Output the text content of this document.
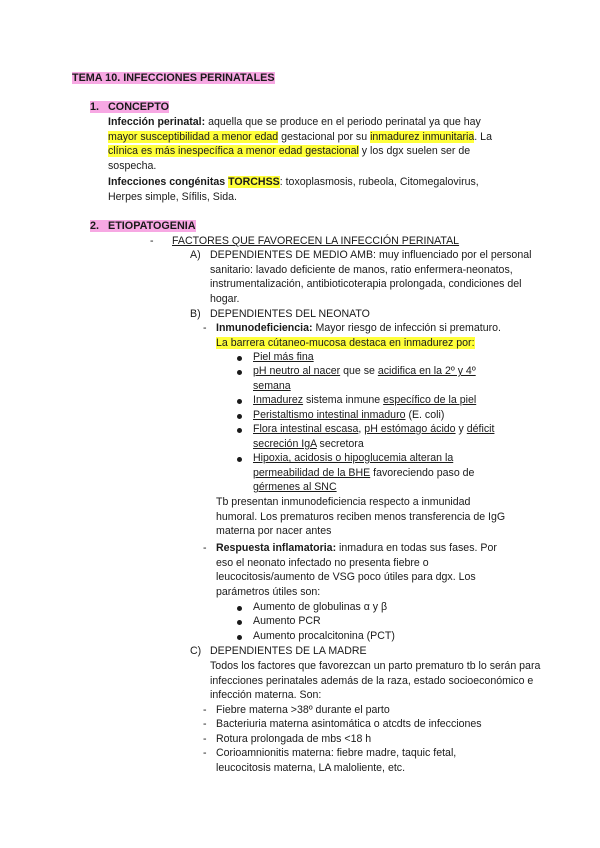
TEMA 10. INFECCIONES PERINATALES
1. CONCEPTO
Infección perinatal: aquella que se produce en el periodo perinatal ya que hay
mayor susceptibilidad a menor edad gestacional por su inmadurez inmunitaria. La
clínica es más inespecífica a menor edad gestacional y los dgx suelen ser de
sospecha.
Infecciones congénitas TORCHSS: toxoplasmosis, rubeola, Citomegalovirus,
Herpes simple, Sífilis, Sida.
2. ETIOPATOGENIA
- FACTORES QUE FAVORECEN LA INFECCIÓN PERINATAL
A) DEPENDIENTES DE MEDIO AMB: muy influenciado por el personal
sanitario: lavado deficiente de manos, ratio enfermera-neonatos,
instrumentalización, antibioticoterapia prolongada, condiciones del
hogar.
B) DEPENDIENTES DEL NEONATO
- Inmunodeficiencia: Mayor riesgo de infección si prematuro.
La barrera cútaneo-mucosa destaca en inmadurez por:
Piel más fina
pH neutro al nacer que se acidifica en la 2º y 4º
semana
Inmadurez sistema inmune específico de la piel
Peristaltismo intestinal inmaduro (E. coli)
Flora intestinal escasa, pH estómago ácido y déficit
secreción IgA secretora
Hipoxia, acidosis o hipoglucemia alteran la
permeabilidad de la BHE favoreciendo paso de
gérmenes al SNC
Tb presentan inmunodeficiencia respecto a inmunidad
humoral. Los prematuros reciben menos transferencia de IgG
materna por nacer antes
- Respuesta inflamatoria: inmadura en todas sus fases. Por
eso el neonato infectado no presenta fiebre o
leucocitosis/aumento de VSG poco útiles para dgx. Los
parámetros útiles son:
Aumento de globulinas α y β
Aumento PCR
Aumento procalcitonina (PCT)
C) DEPENDIENTES DE LA MADRE
Todos los factores que favorezcan un parto prematuro tb lo serán para
infecciones perinatales además de la raza, estado socioeconómico e
infección materna. Son:
- Fiebre materna >38º durante el parto
- Bacteriuria materna asintomática o atcdts de infecciones
- Rotura prolongada de mbs <18 h
- Corioamnionitis materna: fiebre madre, taquic fetal,
leucocitosis materna, LA maloliente, etc.
